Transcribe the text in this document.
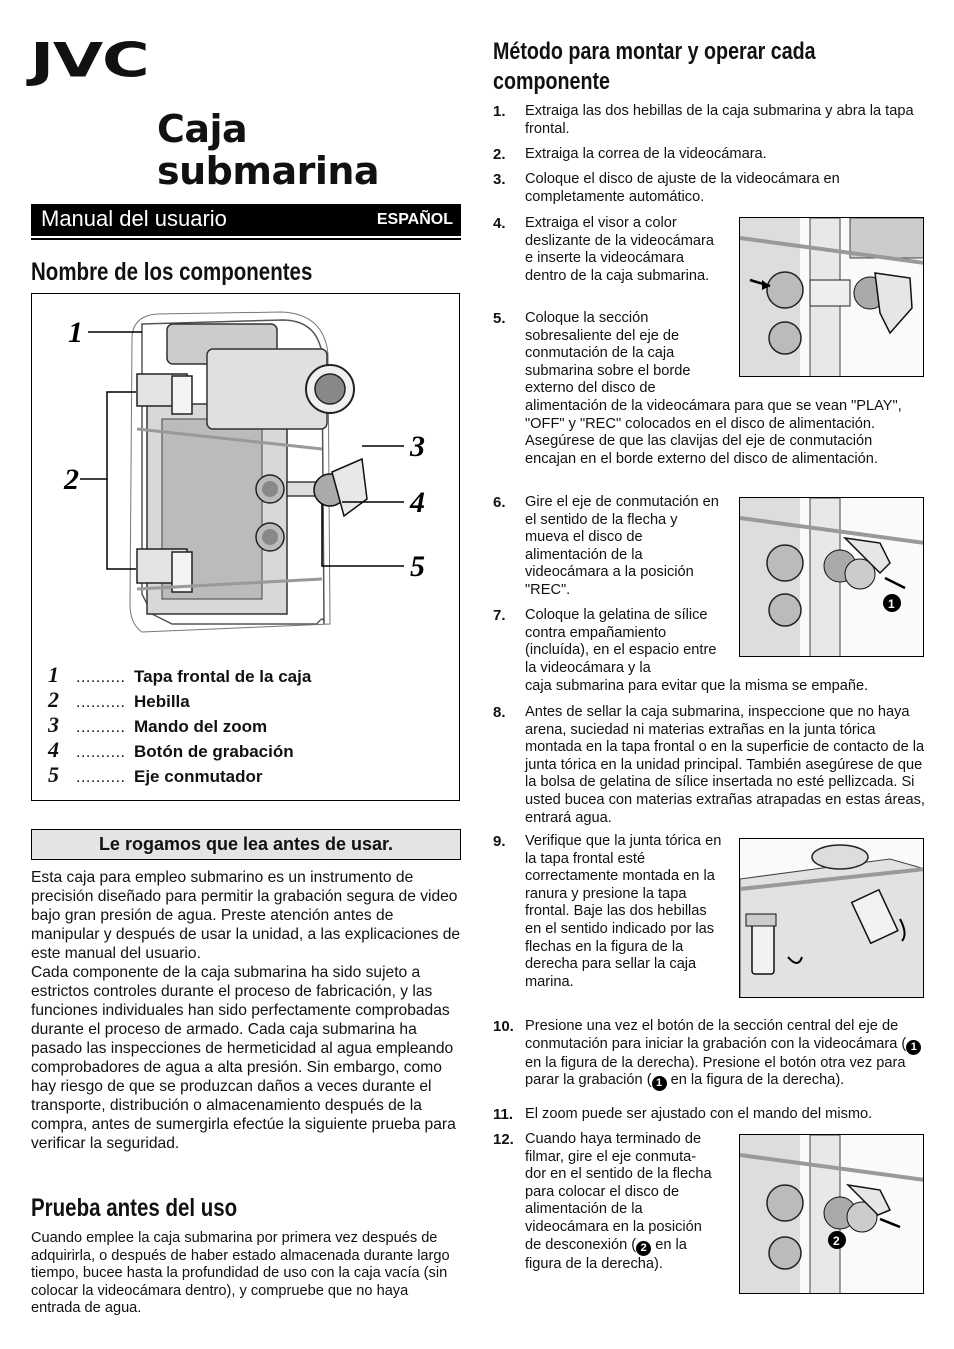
JVC
Caja
submarina
Manual del usuario	ESPAÑOL
Nombre de los componentes
1
2
3
4
5
1	.......... Tapa frontal de la caja
2	.......... Hebilla
3	.......... Mando del zoom
4	.......... Botón de grabación
5	.......... Eje conmutador
Le rogamos que lea antes de usar.
Esta caja para empleo submarino es un instrumento de precisión diseñado para permitir la grabación segura de video bajo gran presión de agua. Preste atención antes de manipular y después de usar la unidad, a las explicaciones de este manual del usuario.
Cada componente de la caja submarina ha sido sujeto a estrictos controles durante el proceso de fabricación, y las funciones individuales han sido perfectamente comprobadas durante el proceso de armado. Cada caja submarina ha pasado las inspecciones de hermeticidad al agua empleando comprobadores de agua a alta presión. Sin embargo, como hay riesgo de que se produzcan daños a veces durante el transporte, distribución o almacenamiento después de la compra, antes de sumergirla efectúe la siguiente prueba para verificar la seguridad.
Prueba antes del uso
Cuando emplee la caja submarina por primera vez después de adquirirla, o después de haber estado almacenada durante largo tiempo, bucee hasta la profundidad de uso con la caja vacía (sin colocar la videocámara dentro), y compruebe que no haya entrada de agua.
Método para montar y operar cada
componente
1. Extraiga las dos hebillas de la caja submarina y abra la tapa frontal.
2. Extraiga la correa de la videocámara.
3. Coloque el disco de ajuste de la videocámara en completamente automático.
4. Extraiga el visor a color deslizante de la videocámara e inserte la videocámara dentro de la caja submarina.
5. Coloque la sección sobresaliente del eje de conmutación de la caja submarina sobre el borde externo del disco de
alimentación de la videocámara para que se vean "PLAY", "OFF" y "REC" colocados en el disco de alimentación. Asegúrese de que las clavijas del eje de conmutación encajan en el borde externo del disco de alimentación.
6. Gire el eje de conmutación en el sentido de la flecha y mueva el disco de alimentación de la videocámara a la posición "REC".
7. Coloque la gelatina de sílice contra empañamiento (incluída), en el espacio entre la videocámara y la
caja submarina para evitar que la misma se empañe.
1
8. Antes de sellar la caja submarina, inspeccione que no haya arena, suciedad ni materias extrañas en la junta tórica montada en la tapa frontal o en la superficie de contacto de la junta tórica en la unidad principal. También asegúrese de que la bolsa de gelatina de sílice insertada no esté pellizcada. Si usted bucea con materias extrañas atrapadas en estas áreas, entrará agua.
9. Verifique que la junta tórica en la tapa frontal esté correctamente montada en la ranura y presione la tapa frontal. Baje las dos hebillas en el sentido indicado por las flechas en la figura de la derecha para sellar la caja marina.
10. Presione una vez el botón de la sección central del eje de conmutación para iniciar la grabación con la videocámara ( 1 en la figura de la derecha). Presione el botón otra vez para parar la grabación ( 1 en la figura de la derecha).
11. El zoom puede ser ajustado con el mando del mismo.
12. Cuando haya terminado de filmar, gire el eje conmuta-dor en el sentido de la flecha para colocar el disco de alimentación de la videocámara en la posición de desconexión ( 2 en la figura de la derecha).
2
